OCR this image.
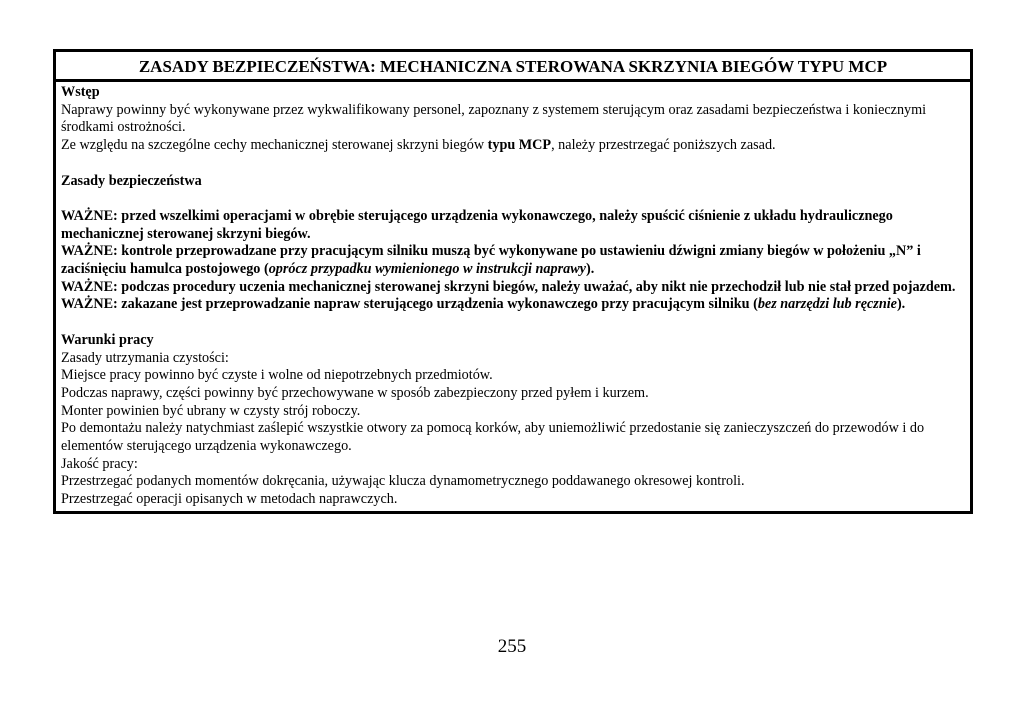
ZASADY BEZPIECZEŃSTWA: MECHANICZNA STEROWANA SKRZYNIA BIEGÓW TYPU MCP

Wstęp

Naprawy powinny być wykonywane przez wykwalifikowany personel, zapoznany z systemem sterującym oraz zasadami bezpieczeństwa i koniecznymi środkami ostrożności.

Ze względu na szczególne cechy mechanicznej sterowanej skrzyni biegów typu MCP, należy przestrzegać poniższych zasad.

Zasady bezpieczeństwa

WAŻNE: przed wszelkimi operacjami w obrębie sterującego urządzenia wykonawczego, należy spuścić ciśnienie z układu hydraulicznego mechanicznej sterowanej skrzyni biegów.

WAŻNE: kontrole przeprowadzane przy pracującym silniku muszą być wykonywane po ustawieniu dźwigni zmiany biegów w położeniu „N” i zaciśnięciu hamulca postojowego (oprócz przypadku wymienionego w instrukcji naprawy).

WAŻNE: podczas procedury uczenia mechanicznej sterowanej skrzyni biegów, należy uważać, aby nikt nie przechodził lub nie stał przed pojazdem.

WAŻNE: zakazane jest przeprowadzanie napraw sterującego urządzenia wykonawczego przy pracującym silniku (bez narzędzi lub ręcznie).

Warunki pracy

Zasady utrzymania czystości:

Miejsce pracy powinno być czyste i wolne od niepotrzebnych przedmiotów.

Podczas naprawy, części powinny być przechowywane w sposób zabezpieczony przed pyłem i kurzem.

Monter powinien być ubrany w czysty strój roboczy.

Po demontażu należy natychmiast zaślepić wszystkie otwory za pomocą korków, aby uniemożliwić przedostanie się zanieczyszczeń do przewodów i do elementów sterującego urządzenia wykonawczego.

Jakość pracy:

Przestrzegać podanych momentów dokręcania, używając klucza dynamometrycznego poddawanego okresowej kontroli.

Przestrzegać operacji opisanych w metodach naprawczych.

255
